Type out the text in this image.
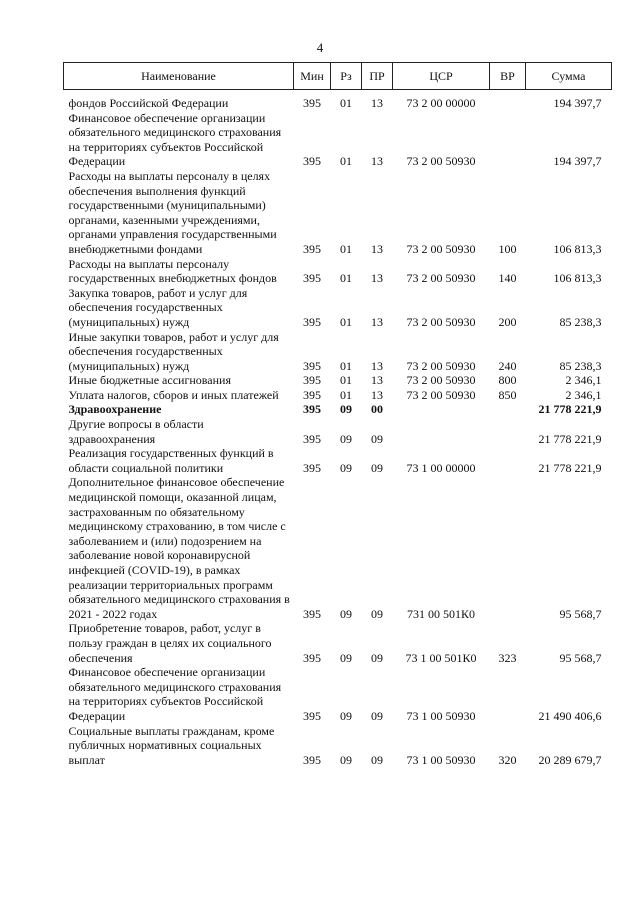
4
Наименование	Мин	Рз	ПР	ЦСР	ВР	Сумма
фондов Российской Федерации	395	01	13	73 2 00 00000		194 397,7
Финансовое обеспечение организации обязательного медицинского страхования на территориях субъектов Российской Федерации	395	01	13	73 2 00 50930		194 397,7
Расходы на выплаты персоналу в целях обеспечения выполнения функций государственными (муниципальными) органами, казенными учреждениями, органами управления государственными внебюджетными фондами	395	01	13	73 2 00 50930	100	106 813,3
Расходы на выплаты персоналу государственных внебюджетных фондов	395	01	13	73 2 00 50930	140	106 813,3
Закупка товаров, работ и услуг для обеспечения государственных (муниципальных) нужд	395	01	13	73 2 00 50930	200	85 238,3
Иные закупки товаров, работ и услуг для обеспечения государственных (муниципальных) нужд	395	01	13	73 2 00 50930	240	85 238,3
Иные бюджетные ассигнования	395	01	13	73 2 00 50930	800	2 346,1
Уплата налогов, сборов и иных платежей	395	01	13	73 2 00 50930	850	2 346,1
Здравоохранение	395	09	00			21 778 221,9
Другие вопросы в области здравоохранения	395	09	09			21 778 221,9
Реализация государственных функций в области социальной политики	395	09	09	73 1 00 00000		21 778 221,9
Дополнительное финансовое обеспечение медицинской помощи, оказанной лицам, застрахованным по обязательному медицинскому страхованию, в том числе с заболеванием и (или) подозрением на заболевание новой коронавирусной инфекцией (COVID-19), в рамках реализации территориальных программ обязательного медицинского страхования в 2021 - 2022 годах	395	09	09	731 00 501К0		95 568,7
Приобретение товаров, работ, услуг в пользу граждан в целях их социального обеспечения	395	09	09	73 1 00 501К0	323	95 568,7
Финансовое обеспечение организации обязательного медицинского страхования на территориях субъектов Российской Федерации	395	09	09	73 1 00 50930		21 490 406,6
Социальные выплаты гражданам, кроме публичных нормативных социальных выплат	395	09	09	73 1 00 50930	320	20 289 679,7
